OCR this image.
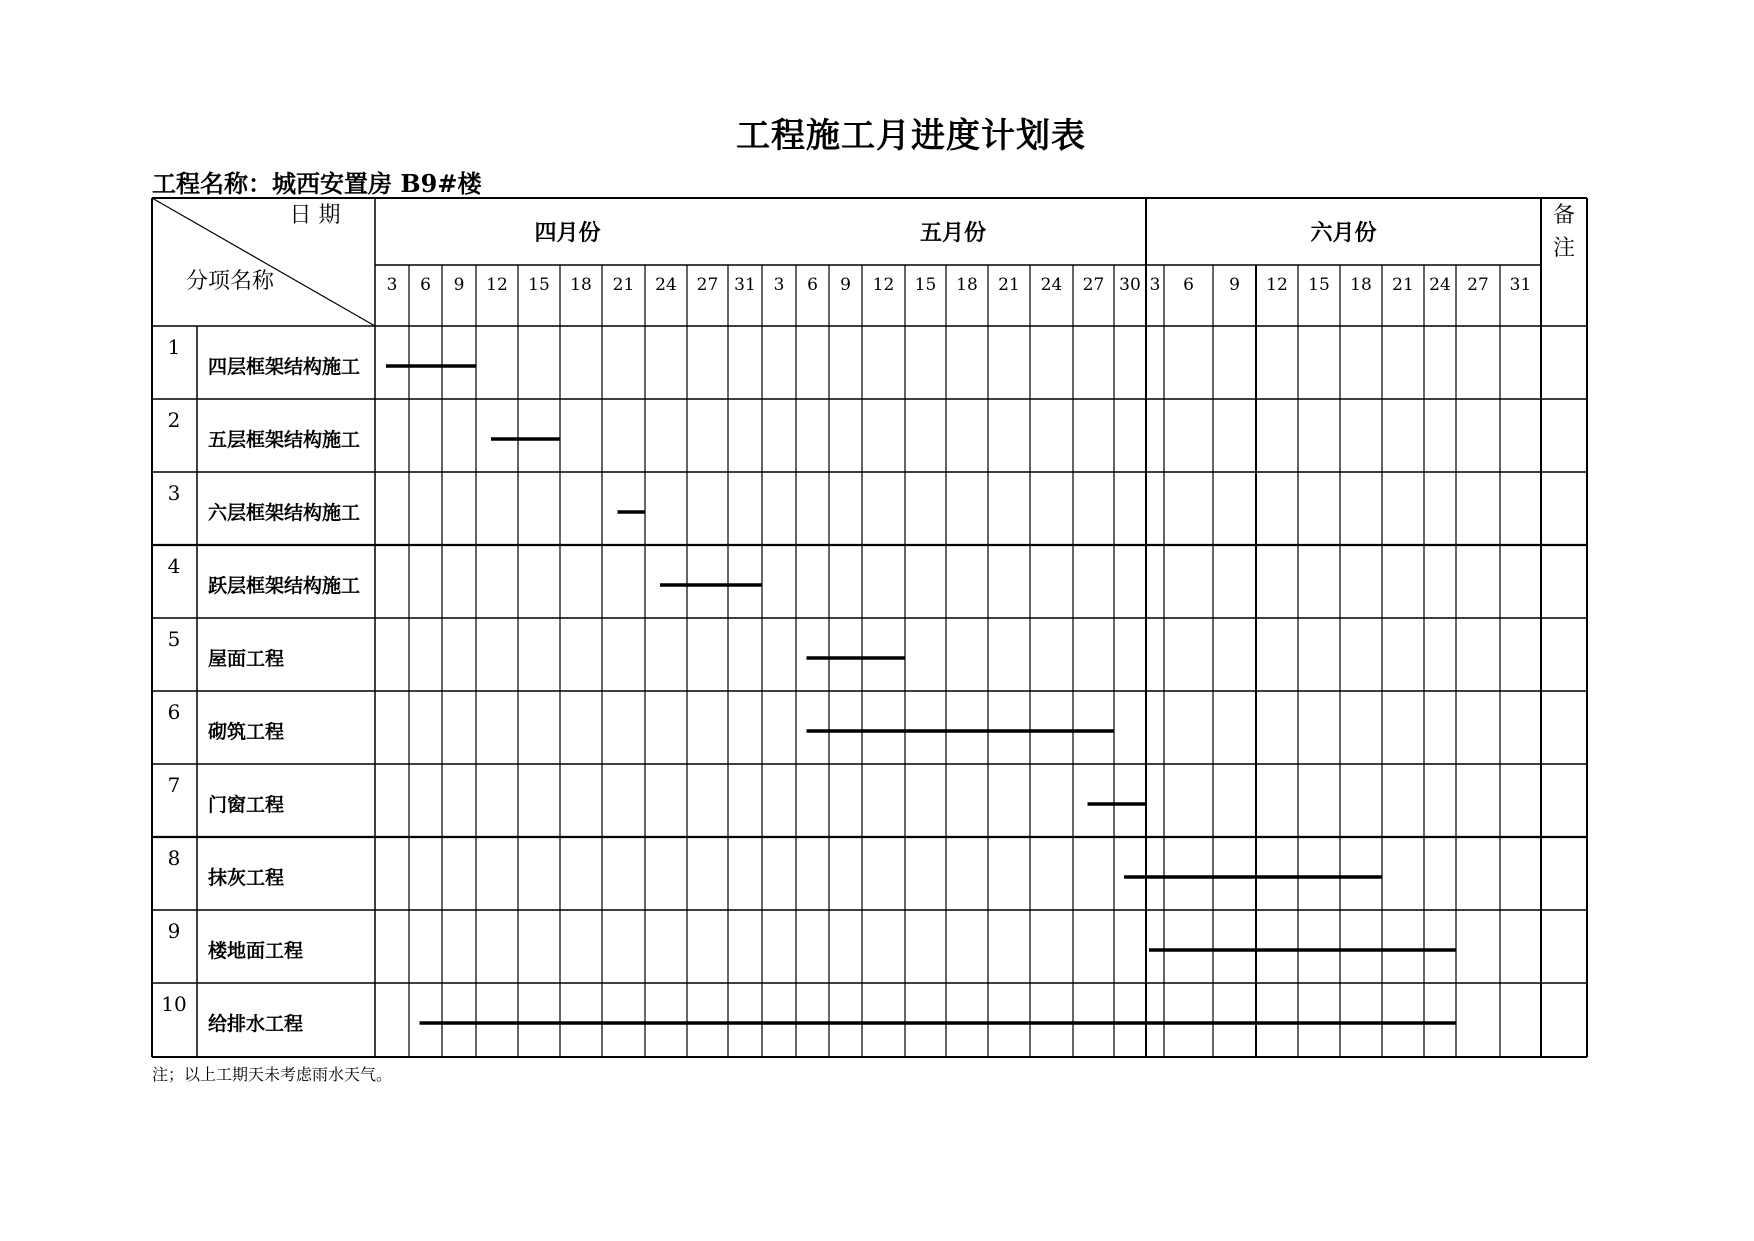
工程施工月进度计划表
工程名称：城西安置房 B9#楼
日 期
分项名称
备
注
四月份
3 6 9 12 15 18 21 24 27 31
五月份
3 6 9 12 15 18 21 24 27 30
六月份
3 6 9 12 15 18 21 24 27 31
1
四层框架结构施工
2
五层框架结构施工
3
六层框架结构施工
4
跃层框架结构施工
5
屋面工程
6
砌筑工程
7
门窗工程
8
抹灰工程
9
楼地面工程
10
给排水工程
注；以上工期天未考虑雨水天气。
